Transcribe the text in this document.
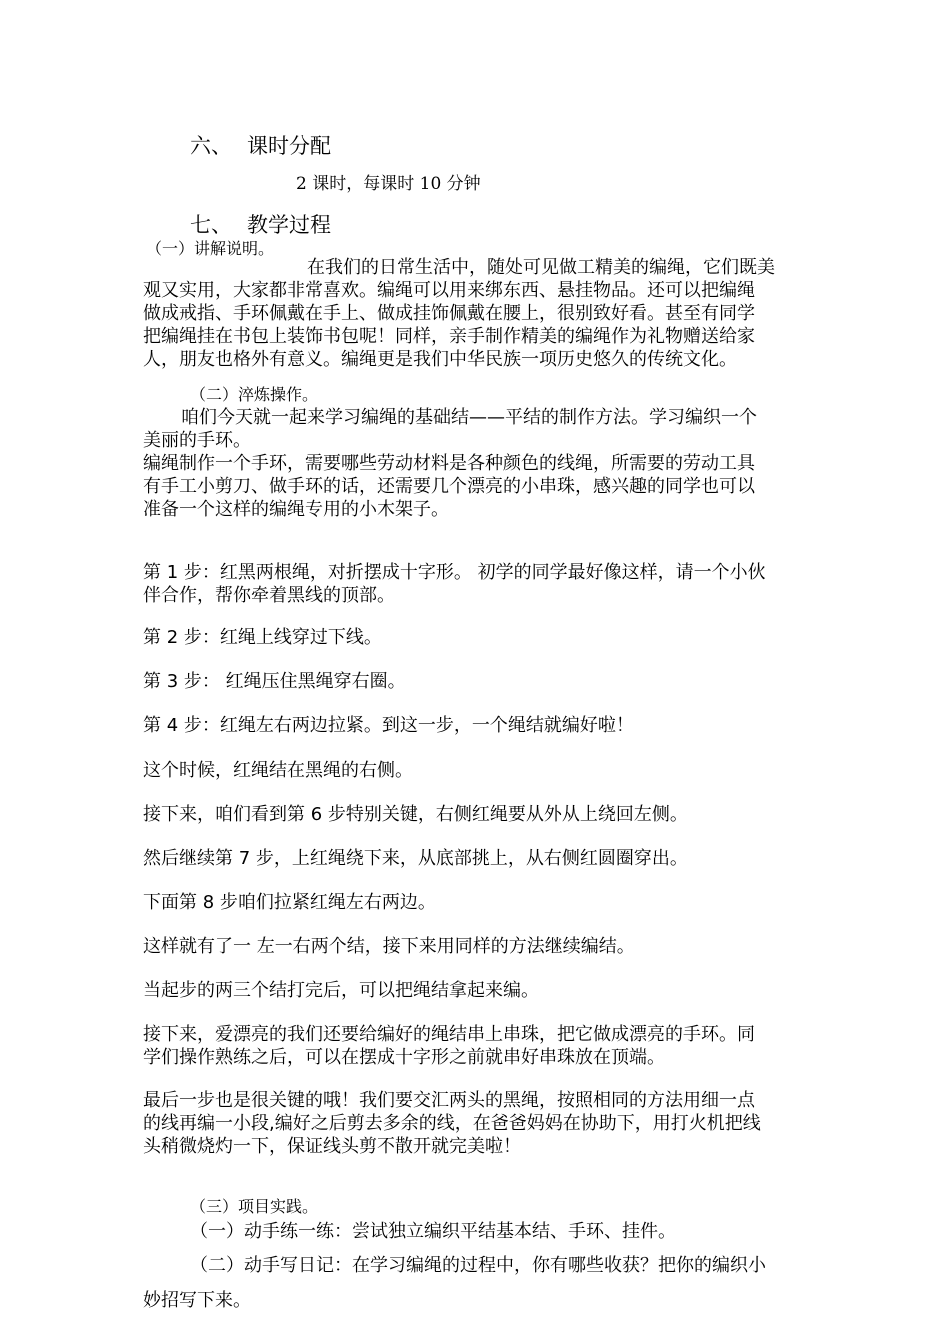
六、 课时分配
2 课时，每课时 10 分钟
七、 教学过程
（一）讲解说明。
在我们的日常生活中，随处可见做工精美的编绳，它们既美
观又实用，大家都非常喜欢。编绳可以用来绑东西、悬挂物品。还可以把编绳
做成戒指、手环佩戴在手上、做成挂饰佩戴在腰上，很别致好看。甚至有同学
把编绳挂在书包上装饰书包呢！同样，亲手制作精美的编绳作为礼物赠送给家
人，朋友也格外有意义。编绳更是我们中华民族一项历史悠久的传统文化。
（二）淬炼操作。
咱们今天就一起来学习编绳的基础结——平结的制作方法。学习编织一个
美丽的手环。
编绳制作一个手环，需要哪些劳动材料是各种颜色的线绳，所需要的劳动工具
有手工小剪刀、做手环的话，还需要几个漂亮的小串珠，感兴趣的同学也可以
准备一个这样的编绳专用的小木架子。
第 1 步：红黑两根绳，对折摆成十字形。 初学的同学最好像这样，请一个小伙
伴合作，帮你牵着黑线的顶部。
第 2 步：红绳上线穿过下线。
第 3 步： 红绳压住黑绳穿右圈。
第 4 步：红绳左右两边拉紧。到这一步，一个绳结就编好啦！
这个时候，红绳结在黑绳的右侧。
接下来，咱们看到第 6 步特别关键，右侧红绳要从外从上绕回左侧。
然后继续第 7 步，上红绳绕下来，从底部挑上，从右侧红圆圈穿出。
下面第 8 步咱们拉紧红绳左右两边。
这样就有了一 左一右两个结，接下来用同样的方法继续编结。
当起步的两三个结打完后，可以把绳结拿起来编。
接下来，爱漂亮的我们还要给编好的绳结串上串珠，把它做成漂亮的手环。同
学们操作熟练之后，可以在摆成十字形之前就串好串珠放在顶端。
最后一步也是很关键的哦！我们要交汇两头的黑绳，按照相同的方法用细一点
的线再编一小段,编好之后剪去多余的线，在爸爸妈妈在协助下，用打火机把线
头稍微烧灼一下，保证线头剪不散开就完美啦！
（三）项目实践。
（一）动手练一练：尝试独立编织平结基本结、手环、挂件。
（二）动手写日记：在学习编绳的过程中，你有哪些收获？把你的编织小
妙招写下来。
